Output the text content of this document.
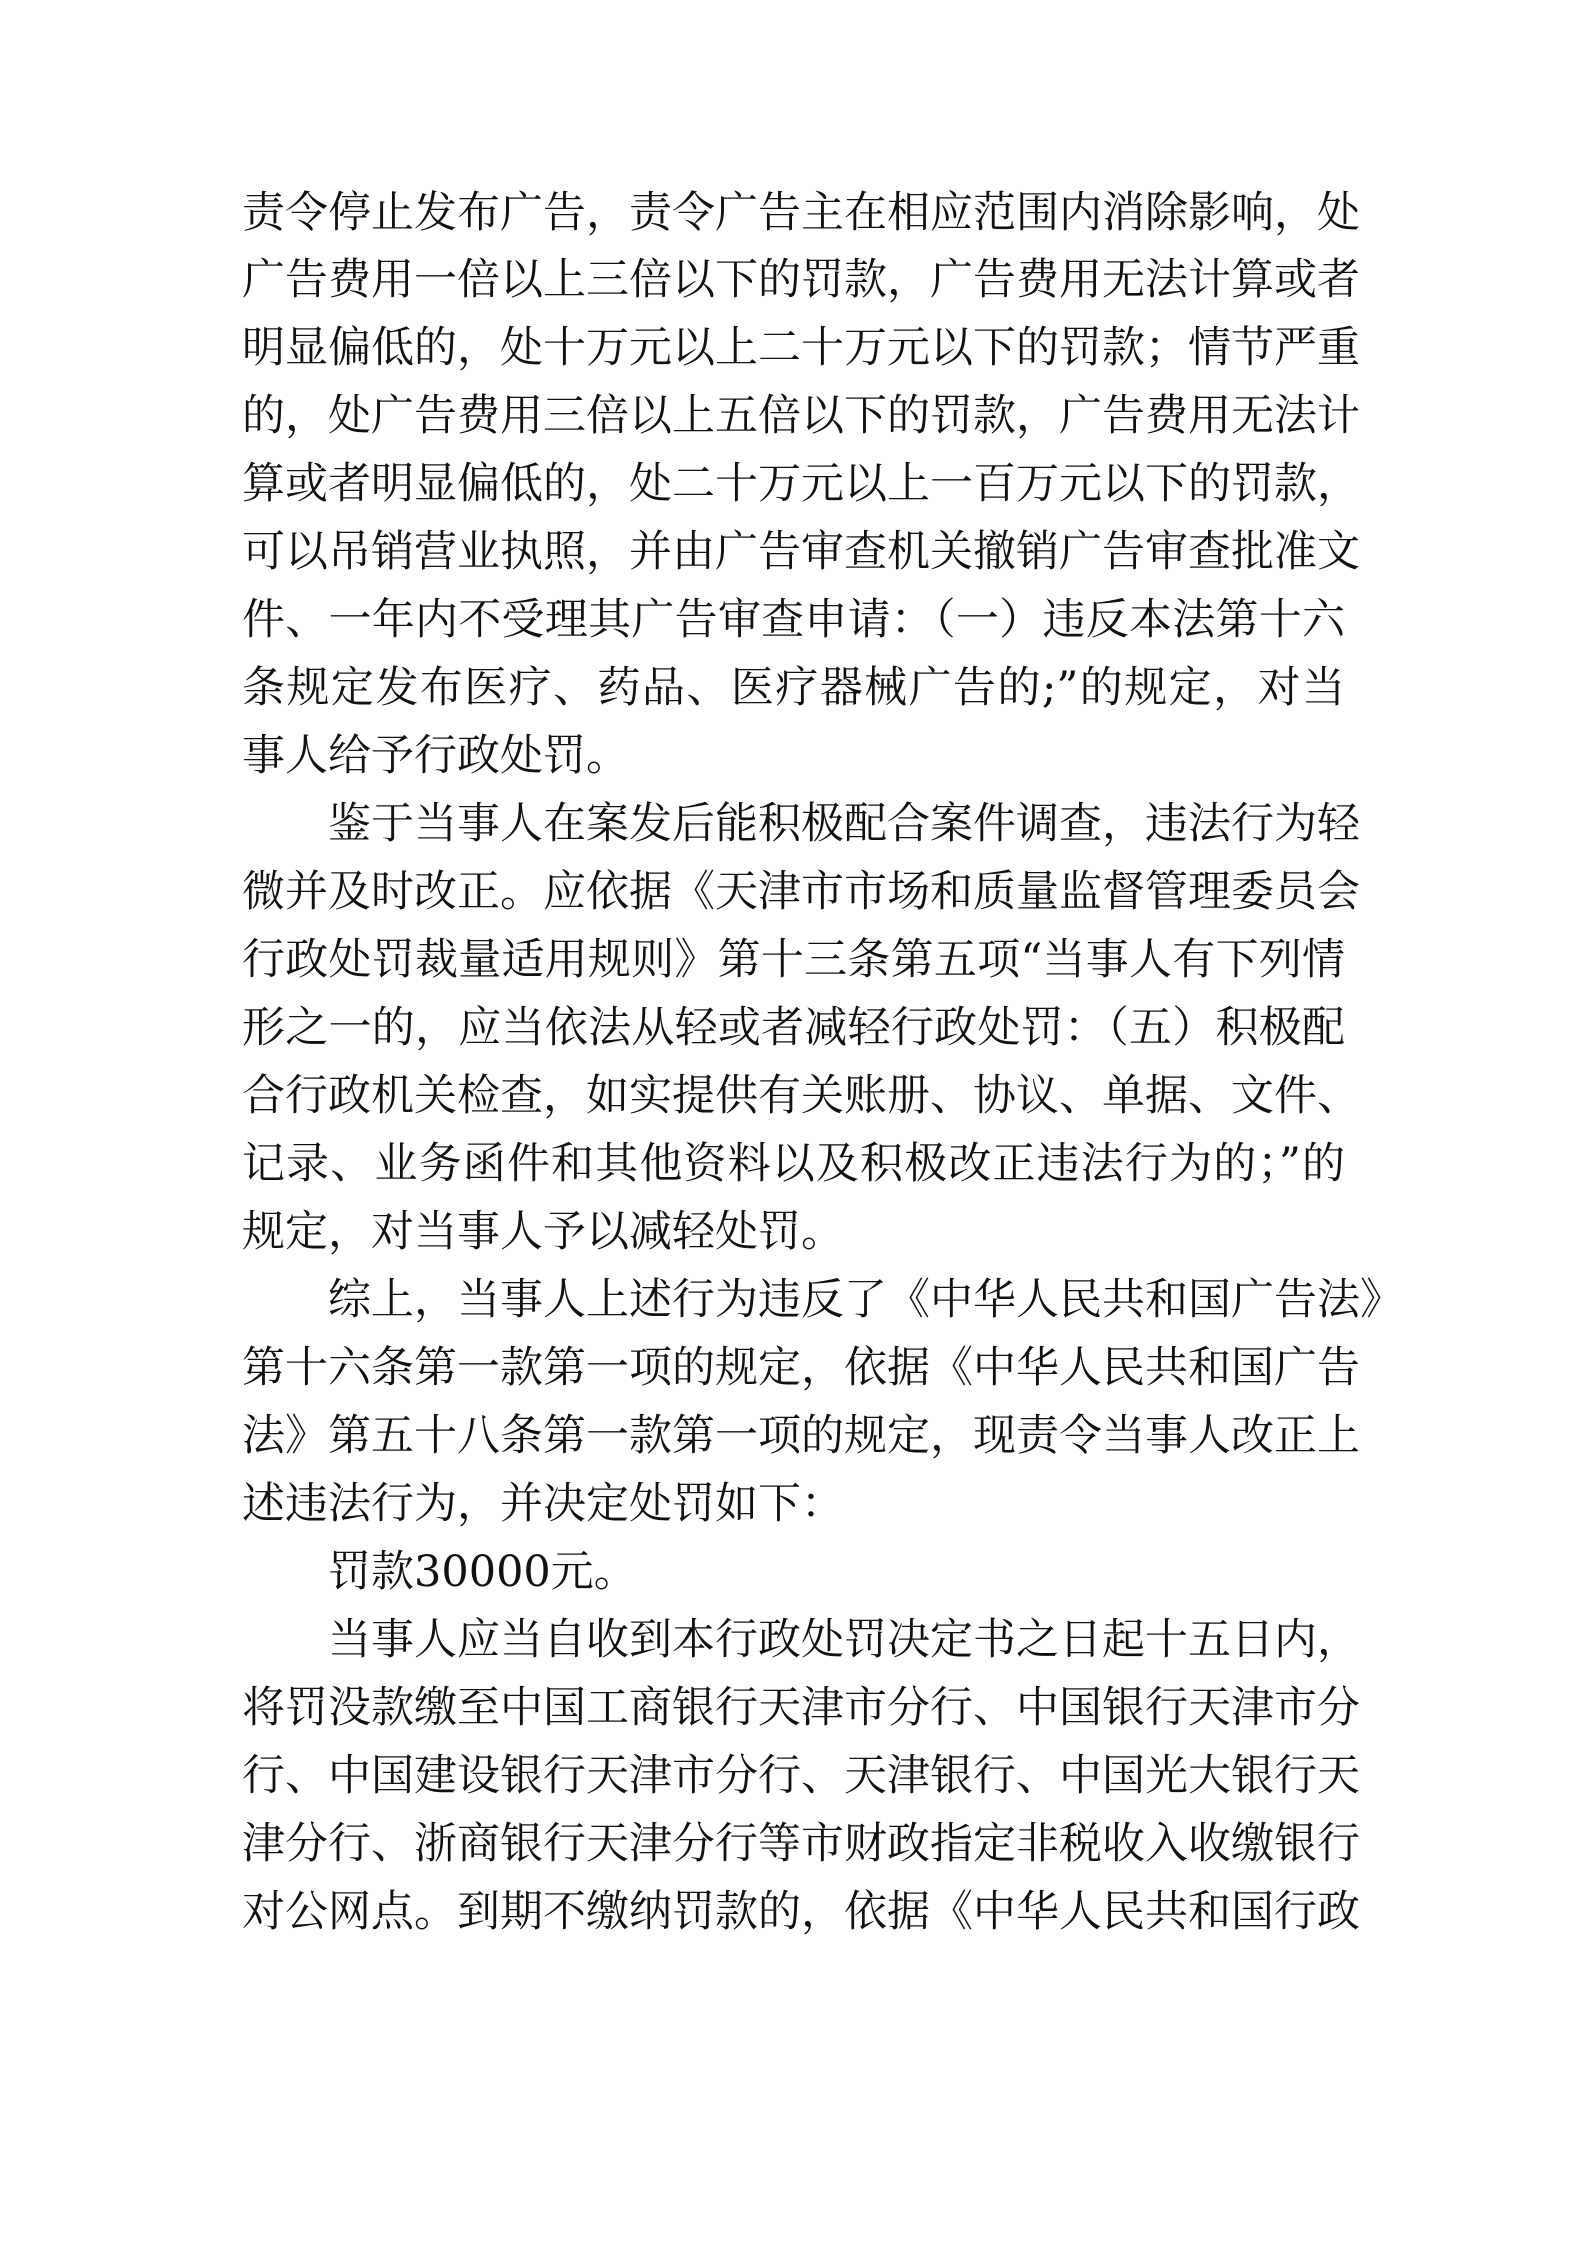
责令停止发布广告，责令广告主在相应范围内消除影响，处
广告费用一倍以上三倍以下的罚款，广告费用无法计算或者
明显偏低的，处十万元以上二十万元以下的罚款；情节严重
的，处广告费用三倍以上五倍以下的罚款，广告费用无法计
算或者明显偏低的，处二十万元以上一百万元以下的罚款，
可以吊销营业执照，并由广告审查机关撤销广告审查批准文
件、一年内不受理其广告审查申请：（一）违反本法第十六
条规定发布医疗、药品、医疗器械广告的;”的规定，对当
事人给予行政处罚。
鉴于当事人在案发后能积极配合案件调查，违法行为轻
微并及时改正。应依据《天津市市场和质量监督管理委员会
行政处罚裁量适用规则》第十三条第五项“当事人有下列情
形之一的，应当依法从轻或者减轻行政处罚：（五）积极配
合行政机关检查，如实提供有关账册、协议、单据、文件、
记录、业务函件和其他资料以及积极改正违法行为的；”的
规定，对当事人予以减轻处罚。
综上，当事人上述行为违反了《中华人民共和国广告法》
第十六条第一款第一项的规定，依据《中华人民共和国广告
法》第五十八条第一款第一项的规定，现责令当事人改正上
述违法行为，并决定处罚如下：
罚款30000元。
当事人应当自收到本行政处罚决定书之日起十五日内，
将罚没款缴至中国工商银行天津市分行、中国银行天津市分
行、中国建设银行天津市分行、天津银行、中国光大银行天
津分行、浙商银行天津分行等市财政指定非税收入收缴银行
对公网点。到期不缴纳罚款的，依据《中华人民共和国行政
